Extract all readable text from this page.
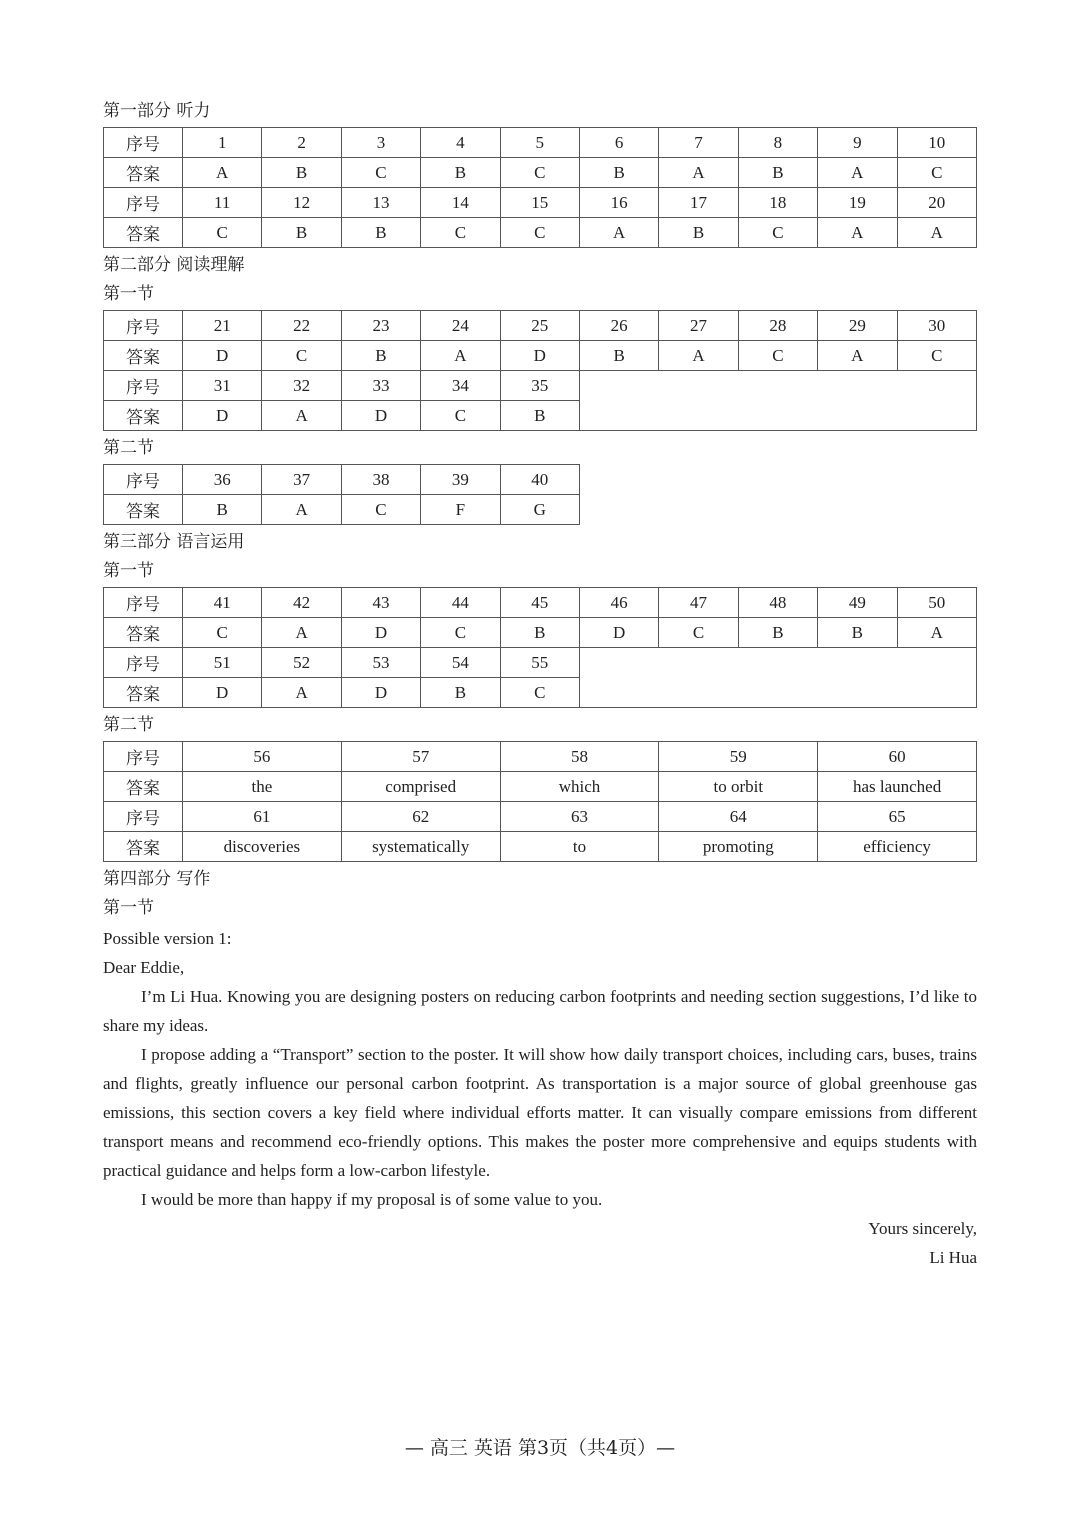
第一部分 听力
序号	1	2	3	4	5	6	7	8	9	10
答案	A	B	C	B	C	B	A	B	A	C
序号	11	12	13	14	15	16	17	18	19	20
答案	C	B	B	C	C	A	B	C	A	A
第二部分 阅读理解
第一节
序号	21	22	23	24	25	26	27	28	29	30
答案	D	C	B	A	D	B	A	C	A	C
序号	31	32	33	34	35					
答案	D	A	D	C	B					
第二节
序号	36	37	38	39	40
答案	B	A	C	F	G
第三部分 语言运用
第一节
序号	41	42	43	44	45	46	47	48	49	50
答案	C	A	D	C	B	D	C	B	B	A
序号	51	52	53	54	55					
答案	D	A	D	B	C					
第二节
序号	56	57	58	59	60
答案	the	comprised	which	to orbit	has launched
序号	61	62	63	64	65
答案	discoveries	systematically	to	promoting	efficiency
第四部分 写作
第一节

Possible version 1:

Dear Eddie,

I’m Li Hua. Knowing you are designing posters on reducing carbon footprints and needing section suggestions, I’d like to share my ideas.

I propose adding a “Transport” section to the poster. It will show how daily transport choices, including cars, buses, trains and flights, greatly influence our personal carbon footprint. As transportation is a major source of global greenhouse gas emissions, this section covers a key field where individual efforts matter. It can visually compare emissions from different transport means and recommend eco-friendly options. This makes the poster more comprehensive and equips students with practical guidance and helps form a low-carbon lifestyle.

I would be more than happy if my proposal is of some value to you.

Yours sincerely,

Li Hua

— 高三 英语 第3页（共4页）—
